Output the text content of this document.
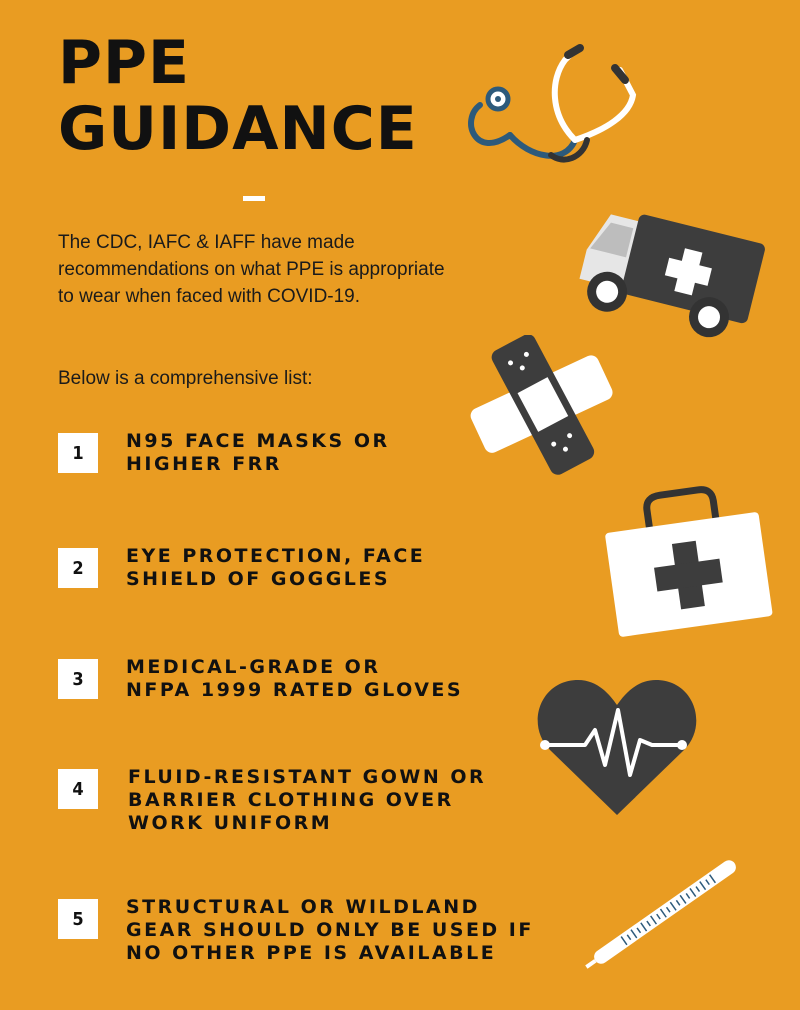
PPE
GUIDANCE

The CDC, IAFC & IAFF have made recommendations on what PPE is appropriate to wear when faced with COVID-19.

Below is a comprehensive list:

1
N95 FACE MASKS OR
HIGHER FRR
2
EYE PROTECTION, FACE
SHIELD OF GOGGLES
3
MEDICAL-GRADE OR
NFPA 1999 RATED GLOVES
4
FLUID-RESISTANT GOWN OR
BARRIER CLOTHING OVER
WORK UNIFORM
5
STRUCTURAL OR WILDLAND
GEAR SHOULD ONLY BE USED IF
NO OTHER PPE IS AVAILABLE
